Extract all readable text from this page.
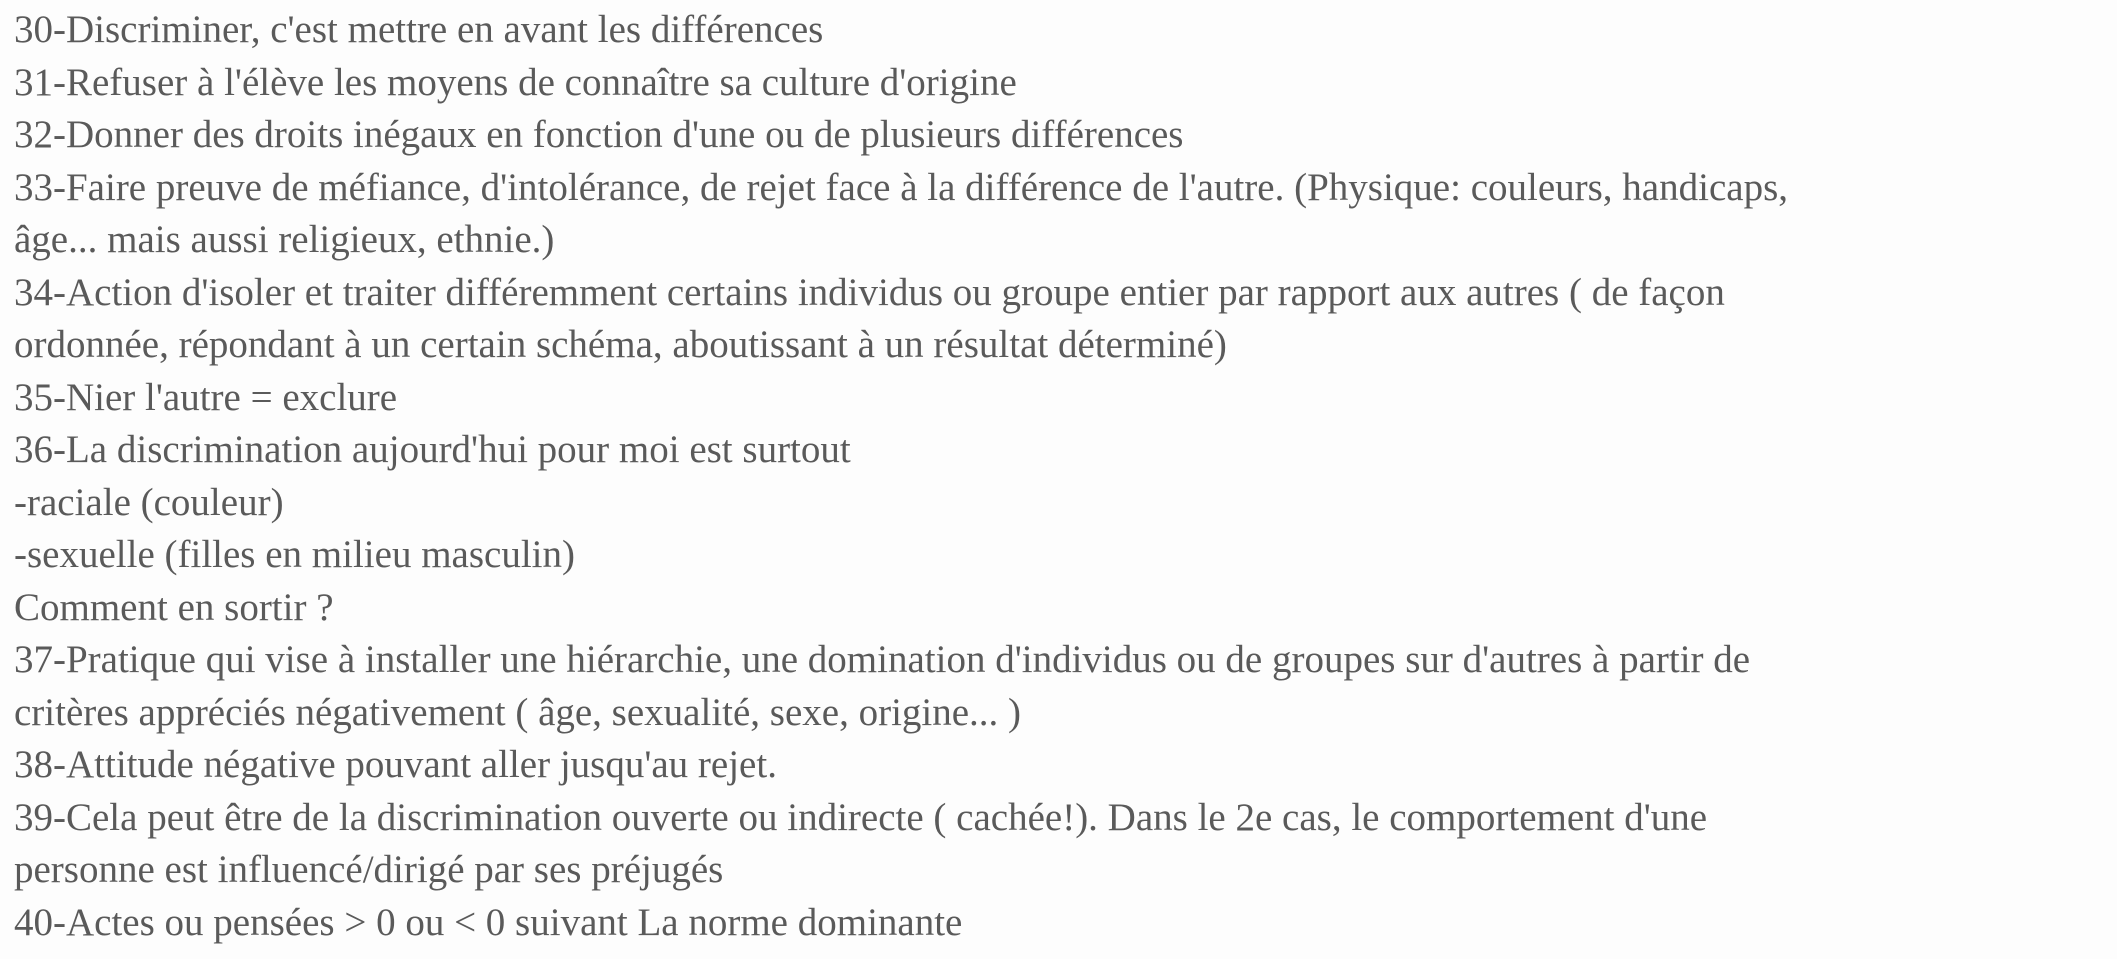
30-Discriminer, c'est mettre en avant les différences
31-Refuser à l'élève les moyens de connaître sa culture d'origine
32-Donner des droits inégaux en fonction d'une ou de plusieurs différences
33-Faire preuve de méfiance, d'intolérance, de rejet face à la différence de l'autre. (Physique: couleurs, handicaps,
âge... mais aussi religieux, ethnie.)
34-Action d'isoler et traiter différemment certains individus ou groupe entier par rapport aux autres ( de façon
ordonnée, répondant à un certain schéma, aboutissant à un résultat déterminé)
35-Nier l'autre = exclure
36-La discrimination aujourd'hui pour moi est surtout
-raciale (couleur)
-sexuelle (filles en milieu masculin)
Comment en sortir ?
37-Pratique qui vise à installer une hiérarchie, une domination d'individus ou de groupes sur d'autres à partir de
critères appréciés négativement ( âge, sexualité, sexe, origine... )
38-Attitude négative pouvant aller jusqu'au rejet.
39-Cela peut être de la discrimination ouverte ou indirecte ( cachée!). Dans le 2e cas, le comportement d'une
personne est influencé/dirigé par ses préjugés
40-Actes ou pensées > 0 ou < 0 suivant La norme dominante
